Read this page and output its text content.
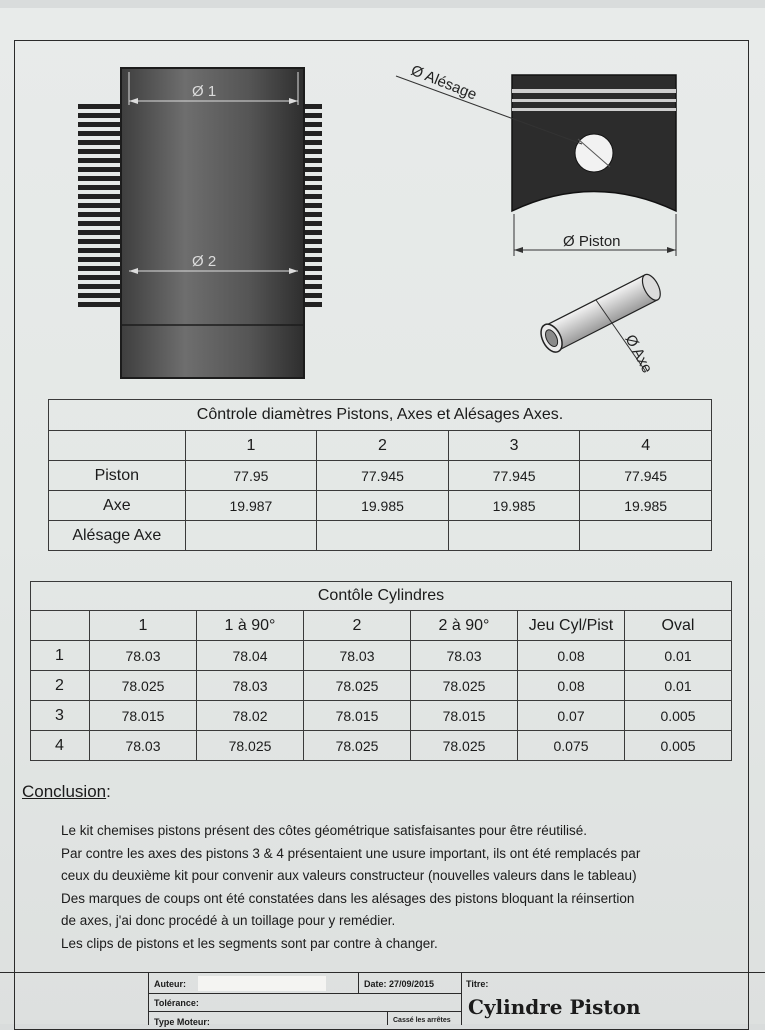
Ø 1
Ø 2
Ø Alésage
Ø Piston
Ø Axe
Côntrole diamètres Pistons, Axes et Alésages Axes.				
	1	2	3	4
Piston	77.95	77.945	77.945	77.945
Axe	19.987	19.985	19.985	19.985
Alésage Axe				
Contôle Cylindres						
	1	1 à 90°	2	2 à 90°	Jeu Cyl/Pist	Oval
1	78.03	78.04	78.03	78.03	0.08	0.01
2	78.025	78.03	78.025	78.025	0.08	0.01
3	78.015	78.02	78.015	78.015	0.07	0.005
4	78.03	78.025	78.025	78.025	0.075	0.005
Conclusion:

Le kit chemises pistons présent des côtes géométrique satisfaisantes pour être réutilisé.

Par contre les axes des pistons 3 & 4 présentaient une usure important, ils ont été remplacés par

ceux du deuxième kit pour convenir aux valeurs constructeur (nouvelles valeurs dans le tableau)

Des marques de coups ont été constatées dans les alésages des pistons bloquant la réinsertion

de axes, j'ai donc procédé à un toillage pour y remédier.

Les clips de pistons et les segments sont par contre à changer.

Auteur:	Date: 27/09/2015	Titre:
Tolérance:
Type Moteur:	Cassé les arrêtes
Cylindre Piston
